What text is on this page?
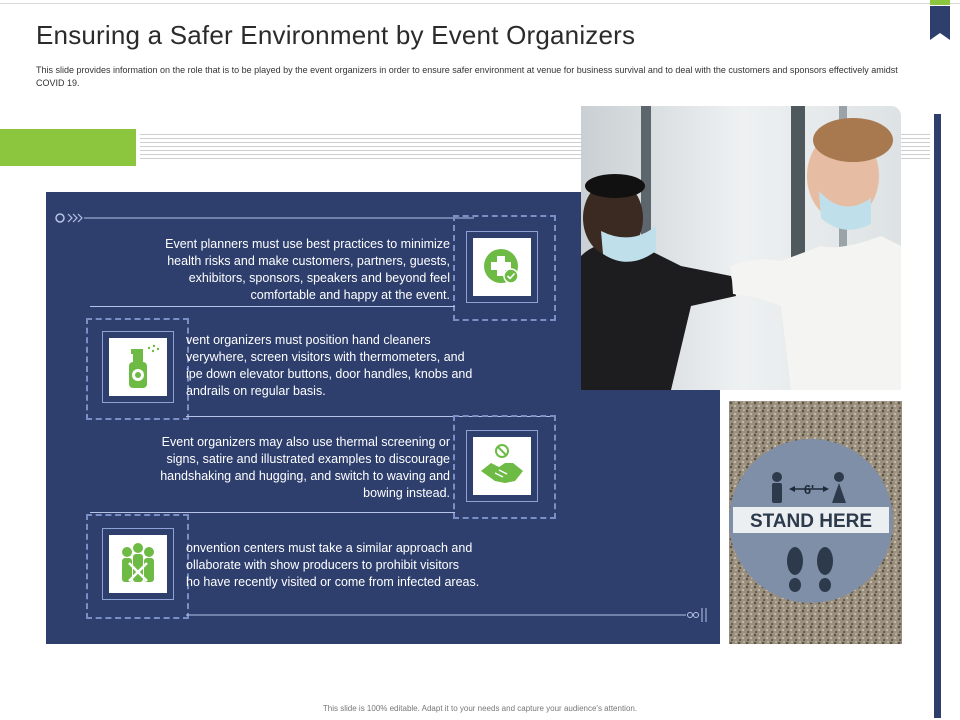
Ensuring a Safer Environment by Event Organizers
This slide provides information on the role that is to be played by the event organizers in order to ensure safer environment at venue for business survival and to deal with the customers and sponsors effectively amidst COVID 19.
Event planners must use best practices to minimize
health risks and make customers, partners, guests,
exhibitors, sponsors, speakers and beyond feel
comfortable and happy at the event.
vent organizers must position hand cleaners
verywhere, screen visitors with thermometers, and
ipe down elevator buttons, door handles, knobs and
andrails on regular basis.
Event organizers may also use thermal screening or
signs, satire and illustrated examples to discourage
handshaking and hugging, and switch to waving and
bowing instead.
onvention centers must take a similar approach and
ollaborate with show producers to prohibit visitors
ho have recently visited or come from infected areas.
6'
STAND HERE
This slide is 100% editable. Adapt it to your needs and capture your audience's attention.
